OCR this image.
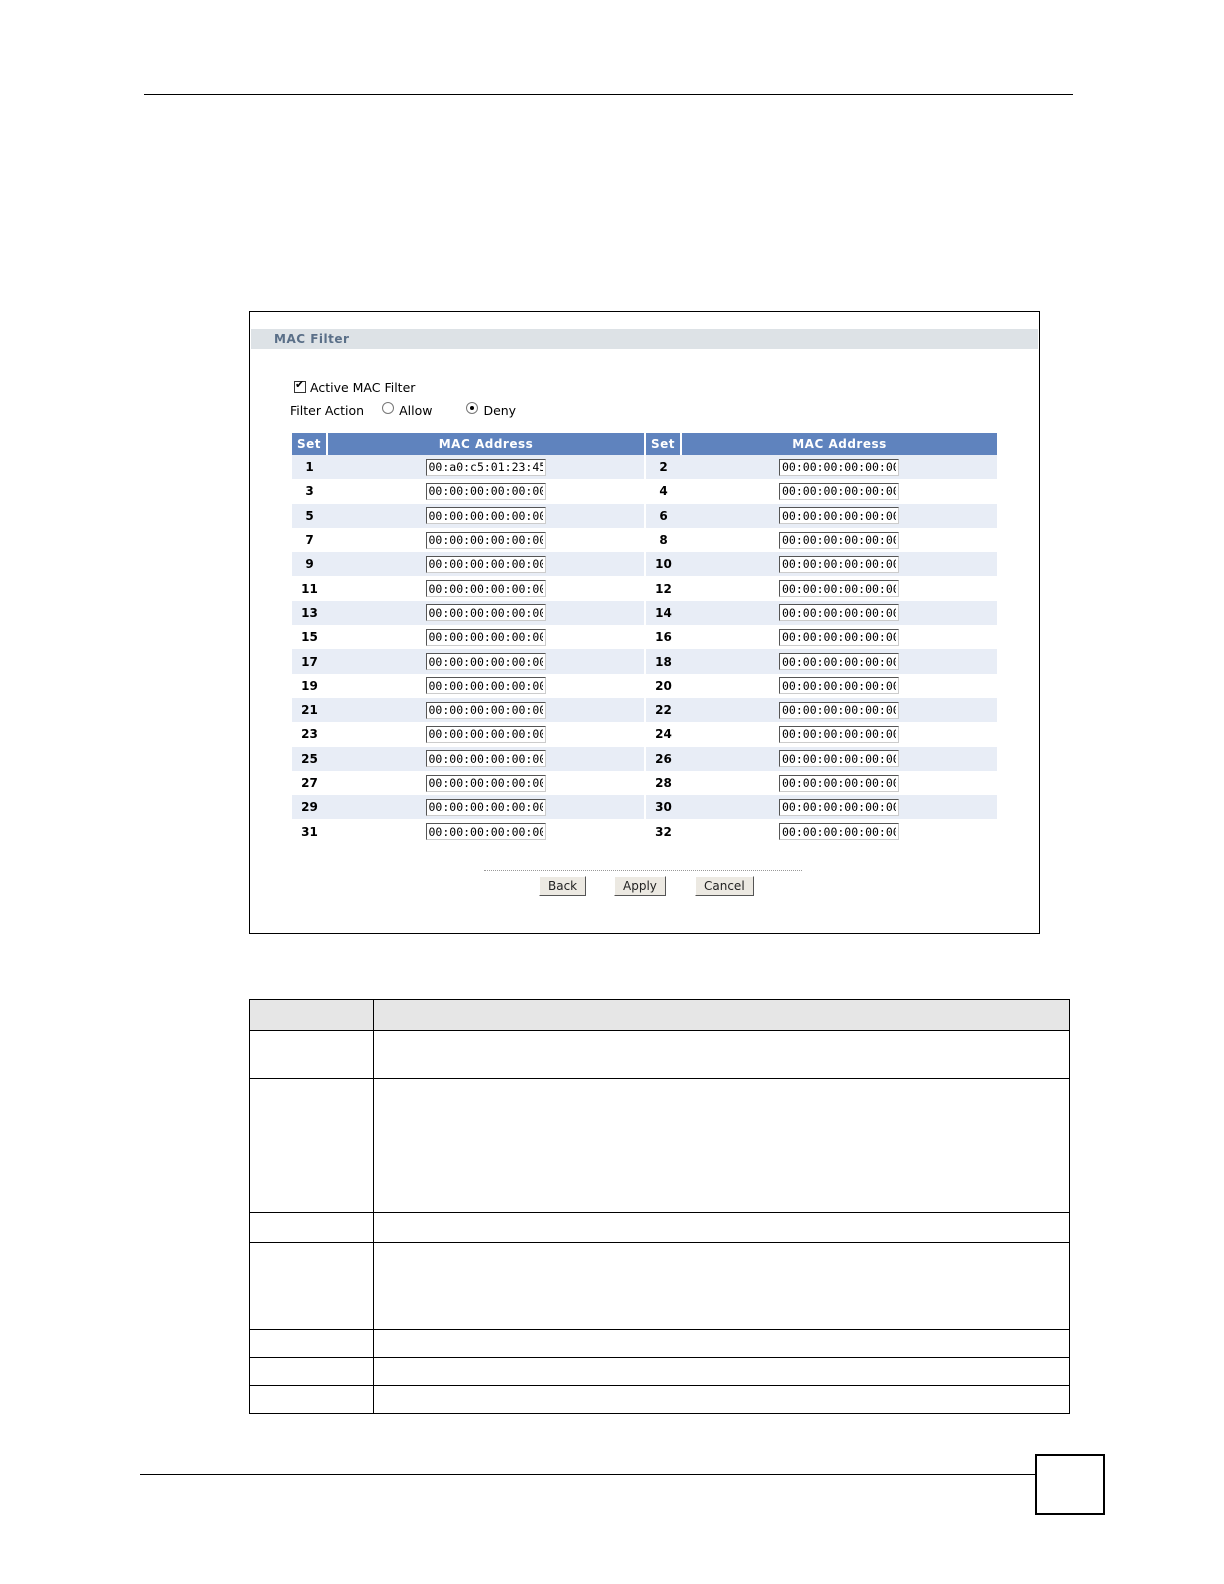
MAC Filter
✔ Active MAC Filter
Filter Action	Allow	Deny
Set	MAC Address	Set	MAC Address
1	00:a0:c5:01:23:45	2	00:00:00:00:00:00
3	00:00:00:00:00:00	4	00:00:00:00:00:00
5	00:00:00:00:00:00	6	00:00:00:00:00:00
7	00:00:00:00:00:00	8	00:00:00:00:00:00
9	00:00:00:00:00:00	10	00:00:00:00:00:00
11	00:00:00:00:00:00	12	00:00:00:00:00:00
13	00:00:00:00:00:00	14	00:00:00:00:00:00
15	00:00:00:00:00:00	16	00:00:00:00:00:00
17	00:00:00:00:00:00	18	00:00:00:00:00:00
19	00:00:00:00:00:00	20	00:00:00:00:00:00
21	00:00:00:00:00:00	22	00:00:00:00:00:00
23	00:00:00:00:00:00	24	00:00:00:00:00:00
25	00:00:00:00:00:00	26	00:00:00:00:00:00
27	00:00:00:00:00:00	28	00:00:00:00:00:00
29	00:00:00:00:00:00	30	00:00:00:00:00:00
31	00:00:00:00:00:00	32	00:00:00:00:00:00
Back	Apply	Cancel
